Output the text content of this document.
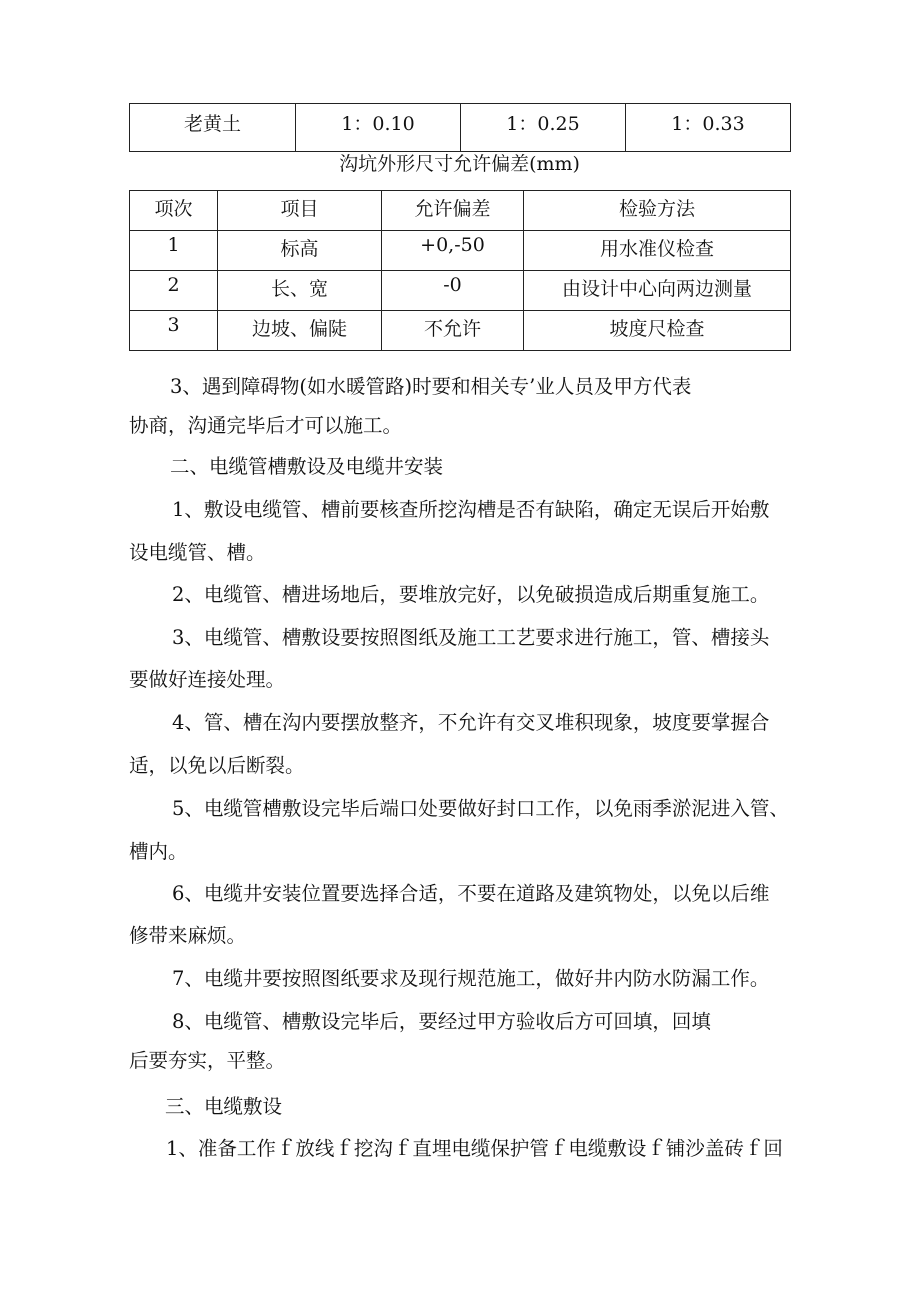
老黄土	1：0.10	1：0.25	1：0.33
沟坑外形尺寸允许偏差(mm)
项次	项目	允许偏差	检验方法
1	标高	+0,-50	用水准仪检查
2	长、宽	-0	由设计中心向两边测量
3	边坡、偏陡	不允许	坡度尺检查
3、遇到障碍物(如水暖管路)时要和相关专’业人员及甲方代表
协商，沟通完毕后才可以施工。
二、电缆管槽敷设及电缆井安装
1、敷设电缆管、槽前要核查所挖沟槽是否有缺陷，确定无误后开始敷
设电缆管、槽。
2、电缆管、槽进场地后，要堆放完好，以免破损造成后期重复施工。
3、电缆管、槽敷设要按照图纸及施工工艺要求进行施工，管、槽接头
要做好连接处理。
4、管、槽在沟内要摆放整齐，不允许有交叉堆积现象，坡度要掌握合
适，以免以后断裂。
5、电缆管槽敷设完毕后端口处要做好封口工作，以免雨季淤泥进入管、
槽内。
6、电缆井安装位置要选择合适，不要在道路及建筑物处，以免以后维
修带来麻烦。
7、电缆井要按照图纸要求及现行规范施工，做好井内防水防漏工作。
8、电缆管、槽敷设完毕后，要经过甲方验收后方可回填，回填
后要夯实，平整。
三、电缆敷设
1、准备工作ｆ放线ｆ挖沟ｆ直埋电缆保护管ｆ电缆敷设ｆ铺沙盖砖ｆ回
